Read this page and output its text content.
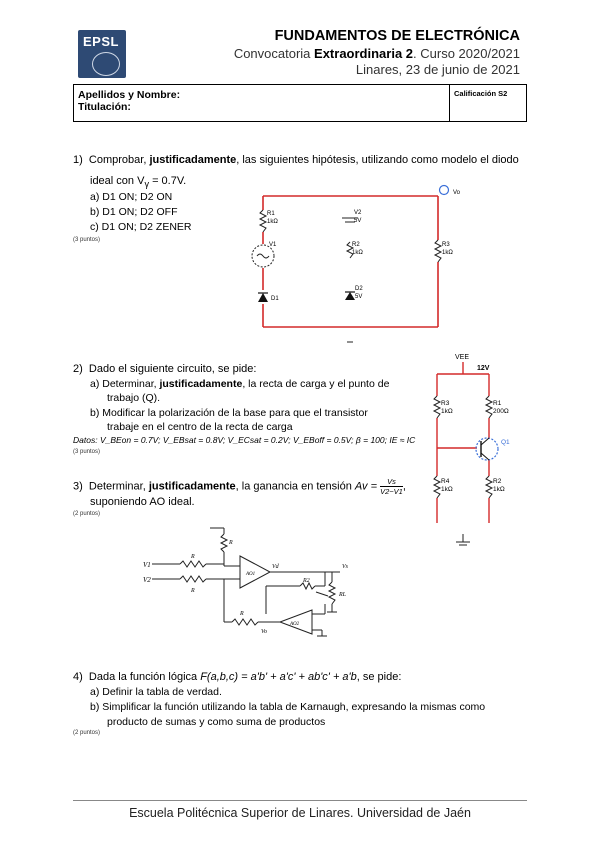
EPSL	FUNDAMENTOS DE ELECTRÓNICA
Convocatoria Extraordinaria 2. Curso 2020/2021
Linares, 23 de junio de 2021
Apellidos y Nombre:
Titulación:
	Calificación S2
1) Comprobar, justificadamente, las siguientes hipótesis, utilizando como modelo el diodo
ideal con $V_\gamma = 0.7V$.
a) D1 ON; D2 ON
b) D1 ON; D2 OFF
c) D1 ON; D2 ZENER
(3 puntos)
Vo
R1
1kΩ
V1
D1
V2
5V
R2
1kΩ
D2
5V
R3
1kΩ
2) Dado el siguiente circuito, se pide:
a) Determinar, justificadamente, la recta de carga y el punto de
trabajo (Q).
b) Modificar la polarización de la base para que el transistor
trabaje en el centro de la recta de carga
Datos: V_BEon = 0.7V; V_EBsat = 0.8V; V_ECsat = 0.2V; V_EBoff = 0.5V; β = 100; IE ≈ IC
(3 puntos)
VEE
12V
R3
1kΩ
R1
200Ω
Q1
R4
1kΩ
R2
1kΩ
3) Determinar, justificadamente, la ganancia en tensión $Av = \frac{Vs}{V2-V1}$ ,
suponiendo AO ideal.
(2 puntos)
V1
V2
R
R
R
Vd
AO1
R2
Vs
RL
AO2
R
Vo
4) Dada la función lógica F(a,b,c) = a'b' + a'c' + ab'c' + a'b, se pide:
a) Definir la tabla de verdad.
b) Simplificar la función utilizando la tabla de Karnaugh, expresando la mismas como
producto de sumas y como suma de productos
(2 puntos)
Escuela Politécnica Superior de Linares. Universidad de Jaén
